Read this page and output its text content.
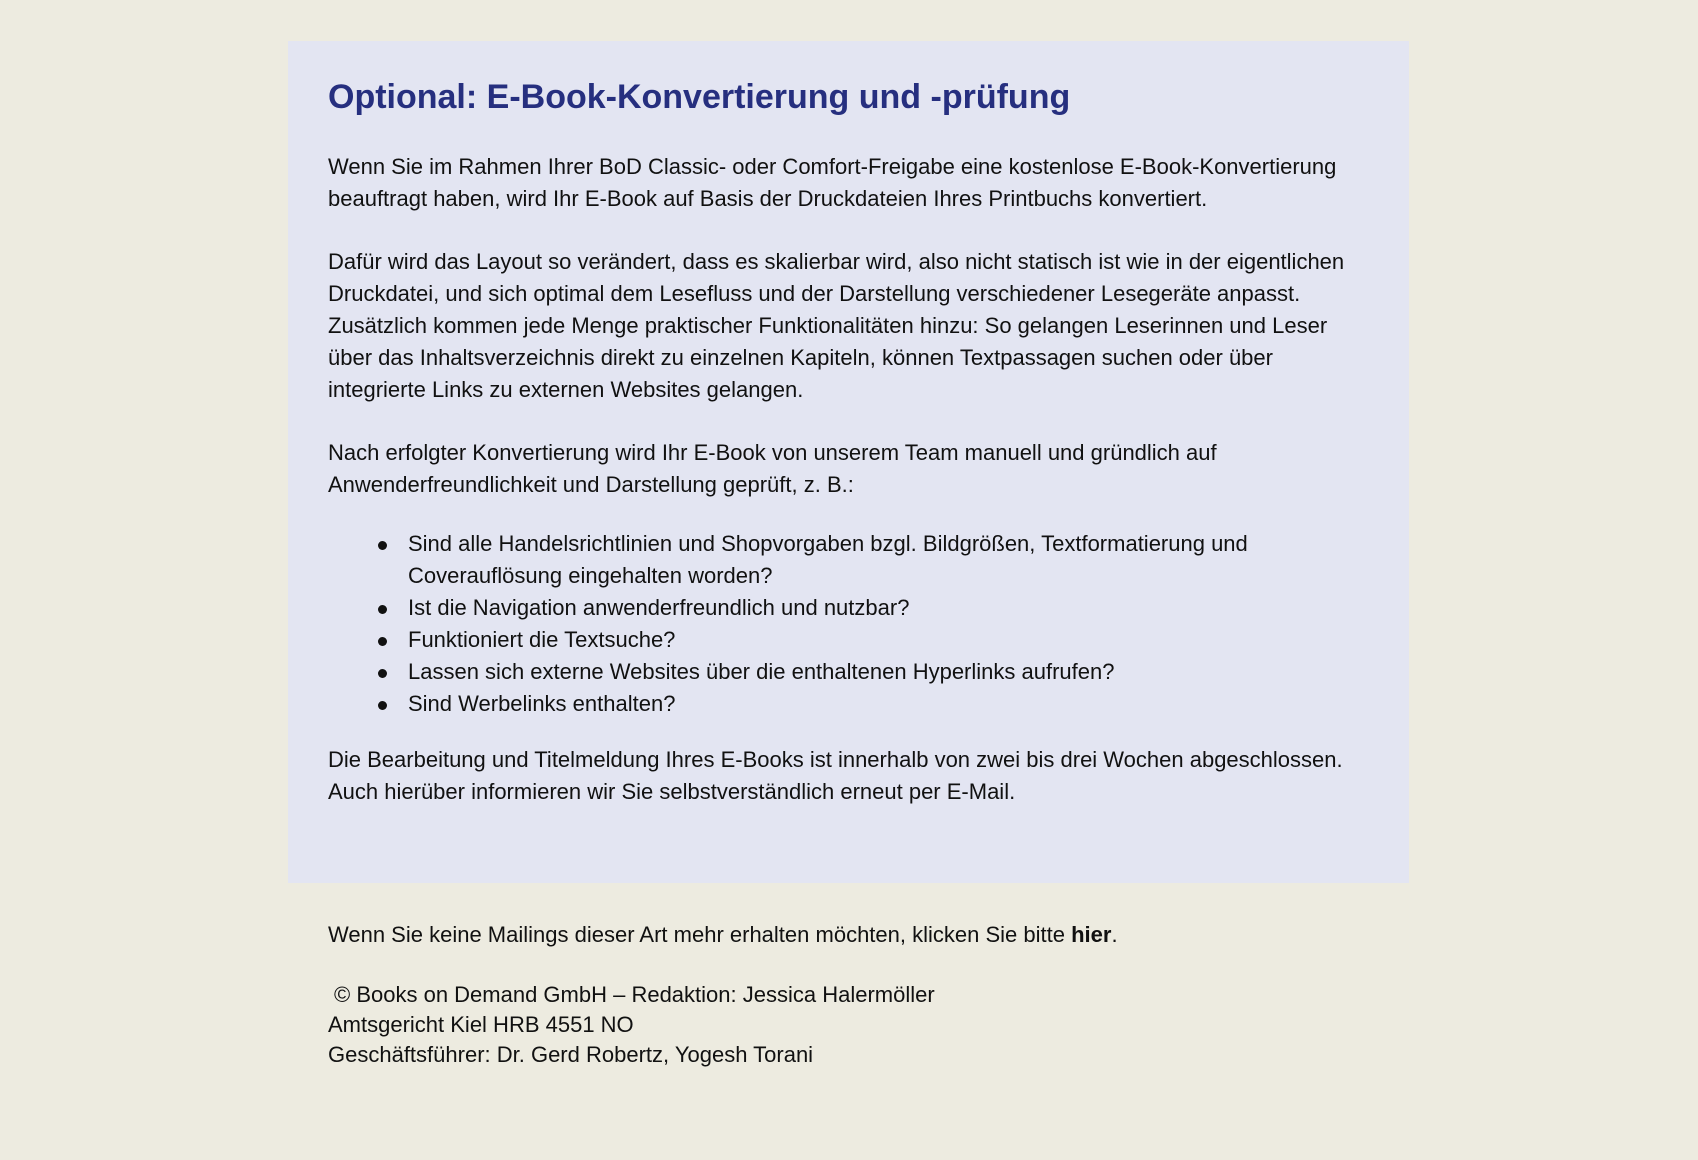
Optional: E-Book-Konvertierung und -prüfung

Wenn Sie im Rahmen Ihrer BoD Classic- oder Comfort-Freigabe eine kostenlose E-Book-Konvertierung beauftragt haben, wird Ihr E-Book auf Basis der Druckdateien Ihres Printbuchs konvertiert.

Dafür wird das Layout so verändert, dass es skalierbar wird, also nicht statisch ist wie in der eigentlichen Druckdatei, und sich optimal dem Lesefluss und der Darstellung verschiedener Lesegeräte anpasst. Zusätzlich kommen jede Menge praktischer Funktionalitäten hinzu: So gelangen Leserinnen und Leser über das Inhaltsverzeichnis direkt zu einzelnen Kapiteln, können Textpassagen suchen oder über integrierte Links zu externen Websites gelangen.

Nach erfolgter Konvertierung wird Ihr E-Book von unserem Team manuell und gründlich auf Anwenderfreundlichkeit und Darstellung geprüft, z. B.:

Sind alle Handelsrichtlinien und Shopvorgaben bzgl. Bildgrößen, Textformatierung und Coverauflösung eingehalten worden?
Ist die Navigation anwenderfreundlich und nutzbar?
Funktioniert die Textsuche?
Lassen sich externe Websites über die enthaltenen Hyperlinks aufrufen?
Sind Werbelinks enthalten?

Die Bearbeitung und Titelmeldung Ihres E-Books ist innerhalb von zwei bis drei Wochen abgeschlossen. Auch hierüber informieren wir Sie selbstverständlich erneut per E-Mail.

Wenn Sie keine Mailings dieser Art mehr erhalten möchten, klicken Sie bitte hier.

© Books on Demand GmbH – Redaktion: Jessica Halermöller
Amtsgericht Kiel HRB 4551 NO
Geschäftsführer: Dr. Gerd Robertz, Yogesh Torani
